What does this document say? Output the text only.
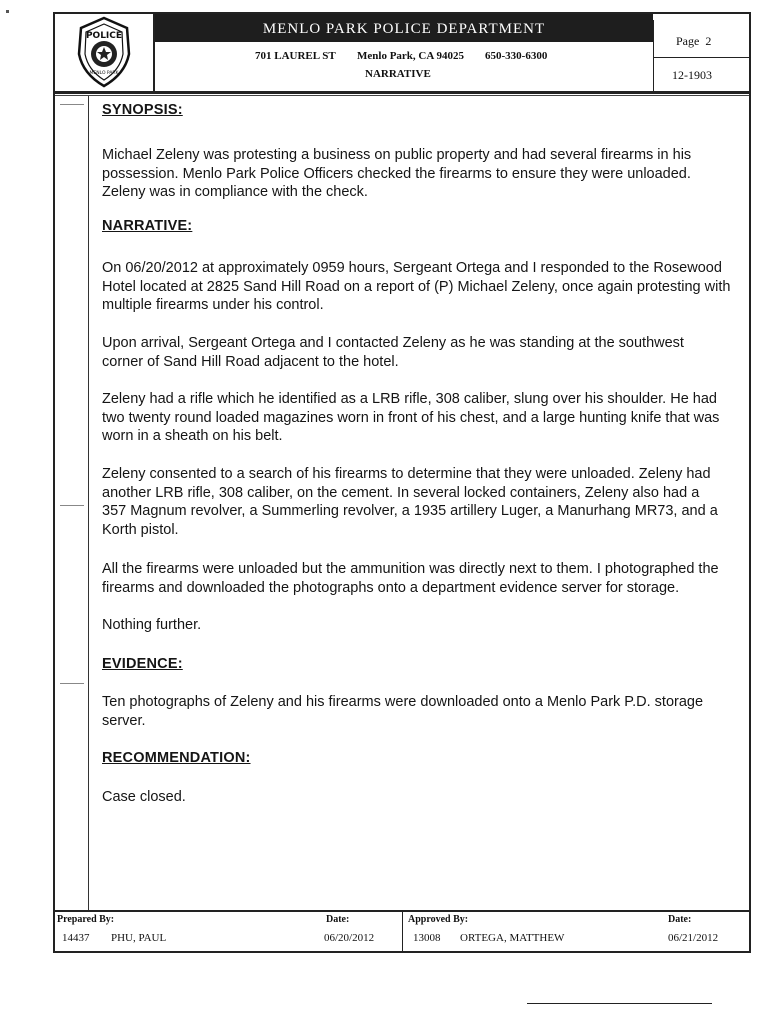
POLICE
MENLO PARK
MENLO PARK POLICE DEPARTMENT
701 LAUREL ST Menlo Park, CA 94025 650-330-6300
NARRATIVE
Page 2
12-1903
SYNOPSIS:

Michael Zeleny was protesting a business on public property and had several firearms in his possession. Menlo Park Police Officers checked the firearms to ensure they were unloaded. Zeleny was in compliance with the check.

NARRATIVE:

On 06/20/2012 at approximately 0959 hours, Sergeant Ortega and I responded to the Rosewood Hotel located at 2825 Sand Hill Road on a report of (P) Michael Zeleny, once again protesting with multiple firearms under his control.

Upon arrival, Sergeant Ortega and I contacted Zeleny as he was standing at the southwest corner of Sand Hill Road adjacent to the hotel.

Zeleny had a rifle which he identified as a LRB rifle, 308 caliber, slung over his shoulder. He had two twenty round loaded magazines worn in front of his chest, and a large hunting knife that was worn in a sheath on his belt.

Zeleny consented to a search of his firearms to determine that they were unloaded. Zeleny had another LRB rifle, 308 caliber, on the cement. In several locked containers, Zeleny also had a 357 Magnum revolver, a Summerling revolver, a 1935 artillery Luger, a Manurhang MR73, and a Korth pistol.

All the firearms were unloaded but the ammunition was directly next to them. I photographed the firearms and downloaded the photographs onto a department evidence server for storage.

Nothing further.

EVIDENCE:

Ten photographs of Zeleny and his firearms were downloaded onto a Menlo Park P.D. storage server.

RECOMMENDATION:

Case closed.

Prepared By:
14437 PHU, PAUL
Date:
06/20/2012
Approved By:
13008 ORTEGA, MATTHEW
Date:
06/21/2012
